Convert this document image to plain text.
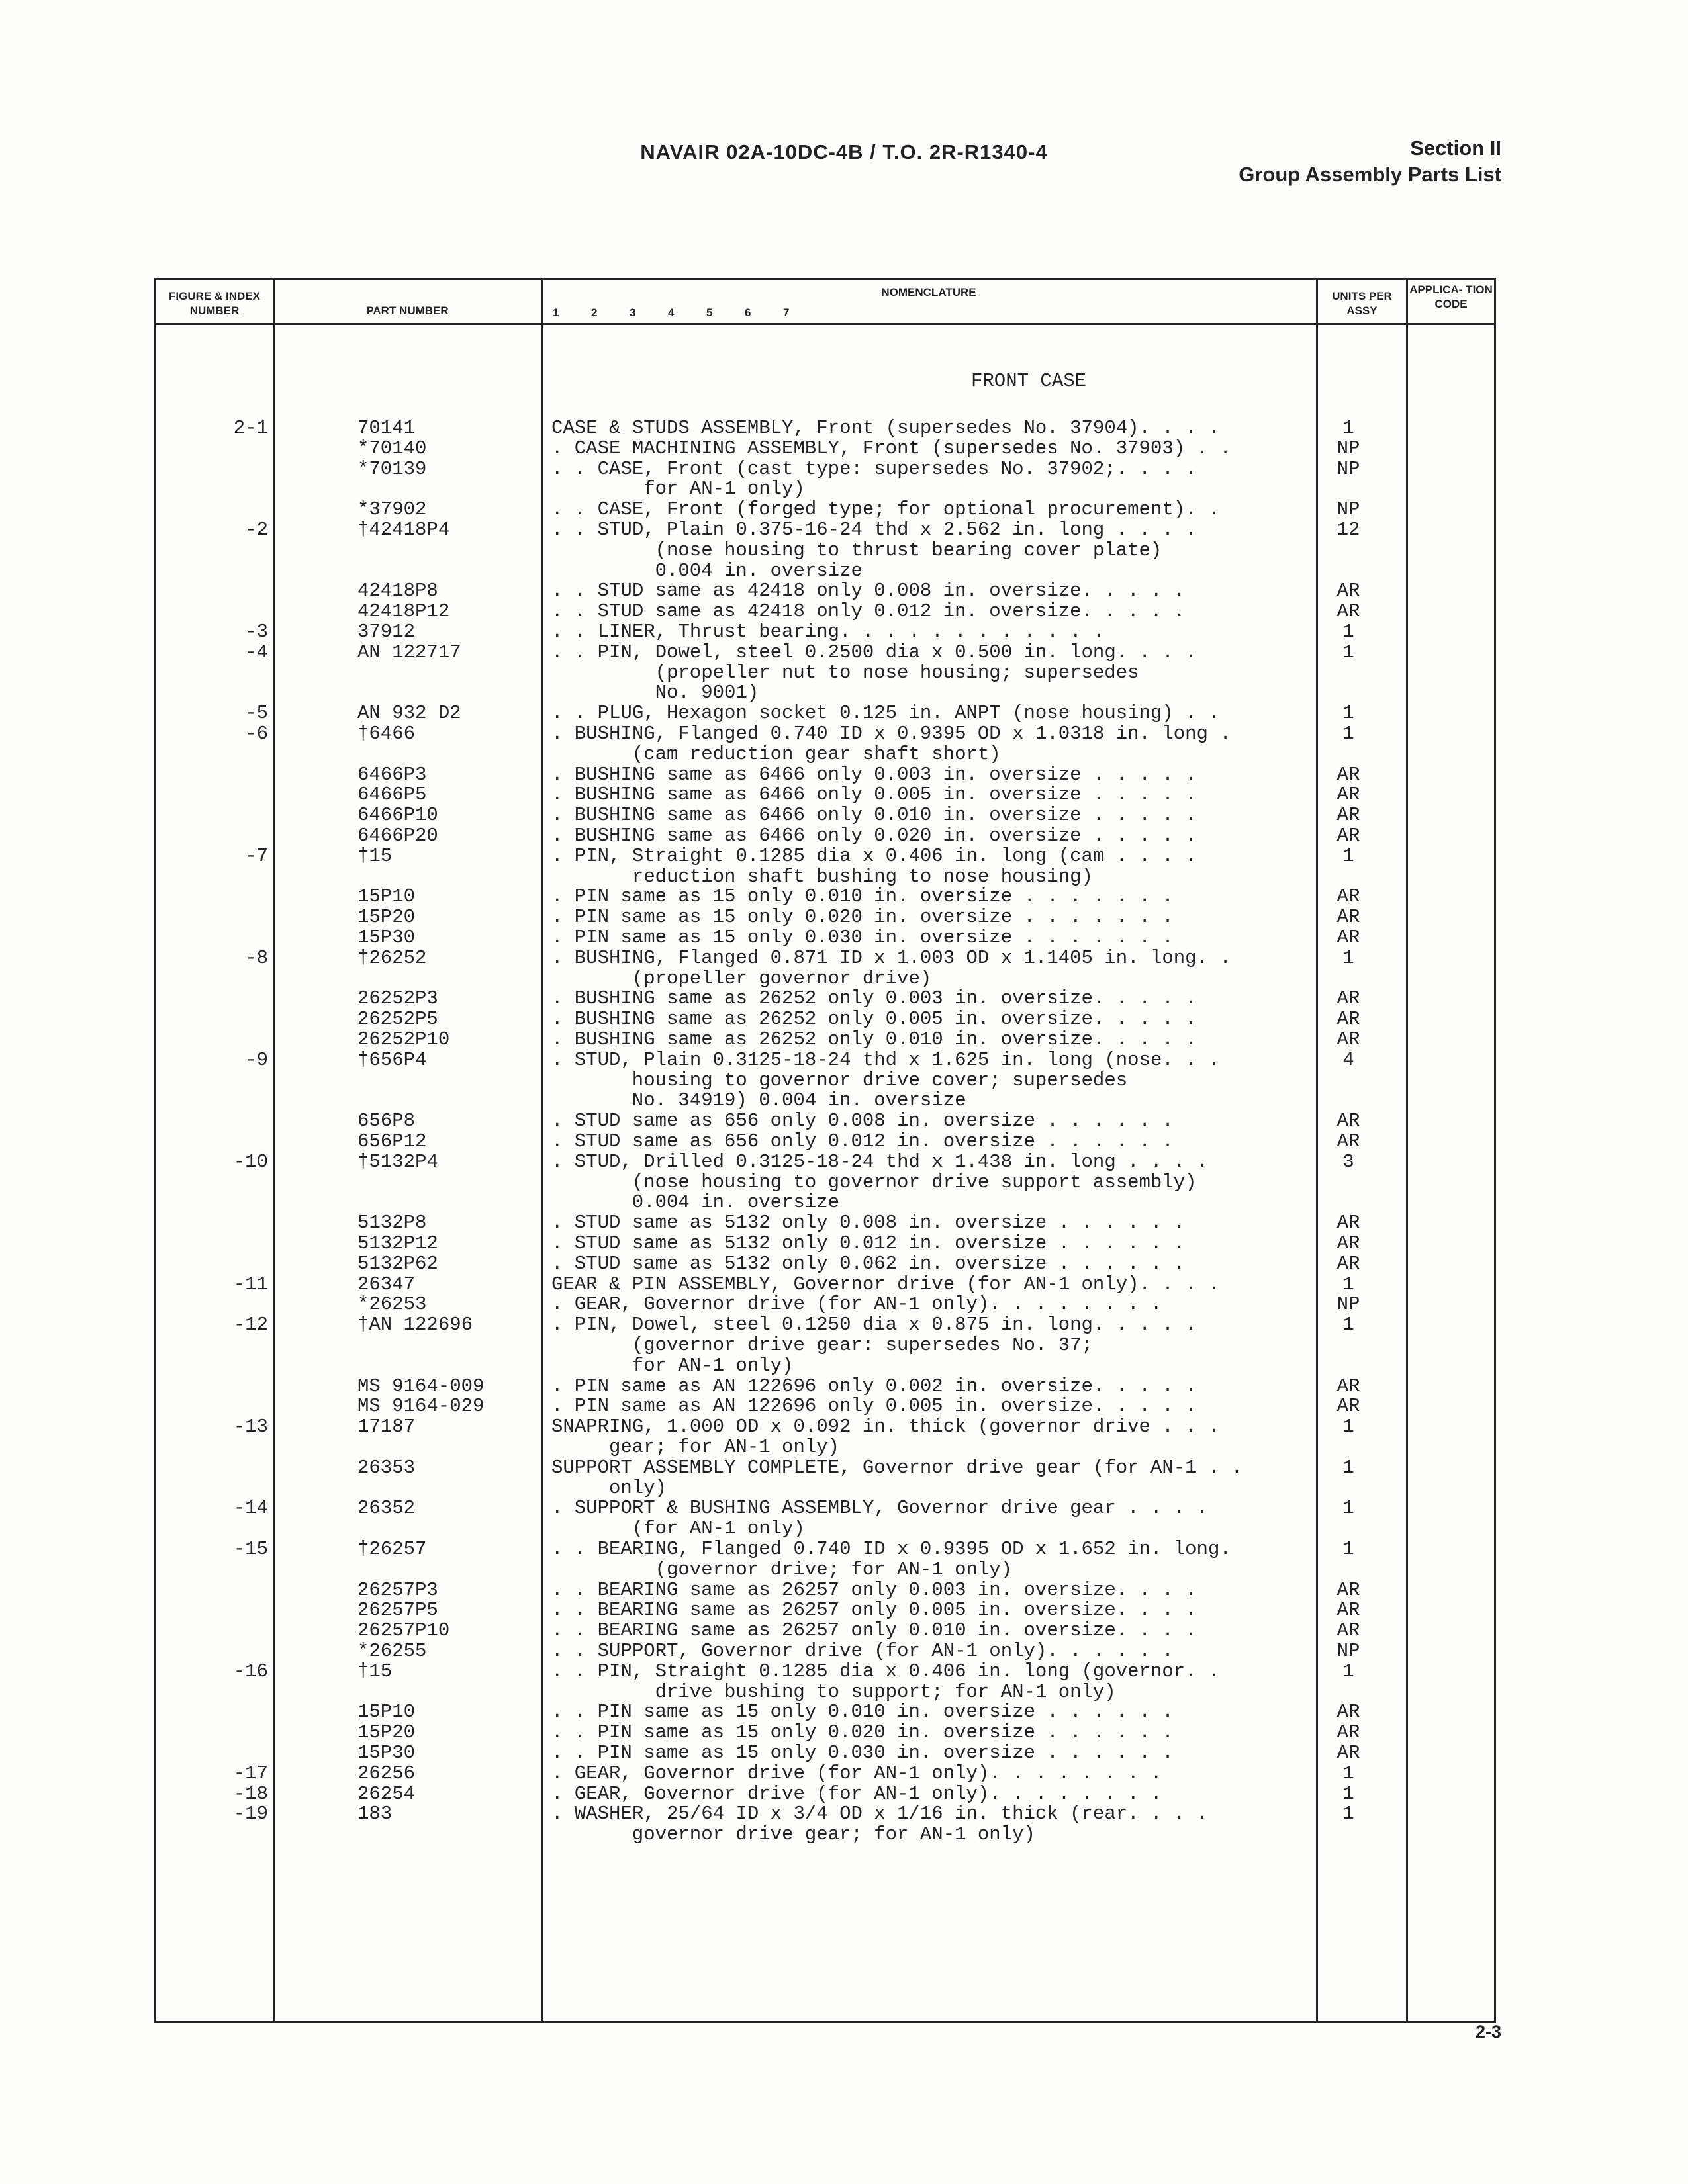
NAVAIR 02A-10DC-4B / T.O. 2R-R1340-4	Section II
Group Assembly Parts List
FIGURE & INDEX NUMBER	PART NUMBER
NOMENCLATURE
1	2	3	4	5	6	7
UNITS PER ASSY
APPLICA- TION CODE
FRONT CASE
2-1	70141	CASE & STUDS ASSEMBLY, Front (supersedes No. 37904). . . .	1
*70140	. CASE MACHINING ASSEMBLY, Front (supersedes No. 37903) . .	NP
*70139	. . CASE, Front (cast type: supersedes No. 37902;. . . .	NP
for AN-1 only)
*37902	. . CASE, Front (forged type; for optional procurement). .	NP
-2	†42418P4	. . STUD, Plain 0.375-16-24 thd x 2.562 in. long . . . .	12
(nose housing to thrust bearing cover plate)
0.004 in. oversize
42418P8	. . STUD same as 42418 only 0.008 in. oversize. . . . .	AR
42418P12	. . STUD same as 42418 only 0.012 in. oversize. . . . .	AR
-3	37912	. . LINER, Thrust bearing. . . . . . . . . . . .	1
-4	AN 122717	. . PIN, Dowel, steel 0.2500 dia x 0.500 in. long. . . .	1
(propeller nut to nose housing; supersedes
No. 9001)
-5	AN 932 D2	. . PLUG, Hexagon socket 0.125 in. ANPT (nose housing) . .	1
-6	†6466	. BUSHING, Flanged 0.740 ID x 0.9395 OD x 1.0318 in. long .	1
(cam reduction gear shaft short)
6466P3	. BUSHING same as 6466 only 0.003 in. oversize . . . . .	AR
6466P5	. BUSHING same as 6466 only 0.005 in. oversize . . . . .	AR
6466P10	. BUSHING same as 6466 only 0.010 in. oversize . . . . .	AR
6466P20	. BUSHING same as 6466 only 0.020 in. oversize . . . . .	AR
-7	†15	. PIN, Straight 0.1285 dia x 0.406 in. long (cam . . . .	1
reduction shaft bushing to nose housing)
15P10	. PIN same as 15 only 0.010 in. oversize . . . . . . .	AR
15P20	. PIN same as 15 only 0.020 in. oversize . . . . . . .	AR
15P30	. PIN same as 15 only 0.030 in. oversize . . . . . . .	AR
-8	†26252	. BUSHING, Flanged 0.871 ID x 1.003 OD x 1.1405 in. long. .	1
(propeller governor drive)
26252P3	. BUSHING same as 26252 only 0.003 in. oversize. . . . .	AR
26252P5	. BUSHING same as 26252 only 0.005 in. oversize. . . . .	AR
26252P10	. BUSHING same as 26252 only 0.010 in. oversize. . . . .	AR
-9	†656P4	. STUD, Plain 0.3125-18-24 thd x 1.625 in. long (nose. . .	4
housing to governor drive cover; supersedes
No. 34919) 0.004 in. oversize
656P8	. STUD same as 656 only 0.008 in. oversize . . . . . .	AR
656P12	. STUD same as 656 only 0.012 in. oversize . . . . . .	AR
-10	†5132P4	. STUD, Drilled 0.3125-18-24 thd x 1.438 in. long . . . .	3
(nose housing to governor drive support assembly)
0.004 in. oversize
5132P8	. STUD same as 5132 only 0.008 in. oversize . . . . . .	AR
5132P12	. STUD same as 5132 only 0.012 in. oversize . . . . . .	AR
5132P62	. STUD same as 5132 only 0.062 in. oversize . . . . . .	AR
-11	26347	GEAR & PIN ASSEMBLY, Governor drive (for AN-1 only). . . .	1
*26253	. GEAR, Governor drive (for AN-1 only). . . . . . . .	NP
-12	†AN 122696	. PIN, Dowel, steel 0.1250 dia x 0.875 in. long. . . . .	1
(governor drive gear: supersedes No. 37;
for AN-1 only)
MS 9164-009	. PIN same as AN 122696 only 0.002 in. oversize. . . . .	AR
MS 9164-029	. PIN same as AN 122696 only 0.005 in. oversize. . . . .	AR
-13	17187	SNAPRING, 1.000 OD x 0.092 in. thick (governor drive . . .	1
gear; for AN-1 only)
26353	SUPPORT ASSEMBLY COMPLETE, Governor drive gear (for AN-1 . .	1
only)
-14	26352	. SUPPORT & BUSHING ASSEMBLY, Governor drive gear . . . .	1
(for AN-1 only)
-15	†26257	. . BEARING, Flanged 0.740 ID x 0.9395 OD x 1.652 in. long.	1
(governor drive; for AN-1 only)
26257P3	. . BEARING same as 26257 only 0.003 in. oversize. . . .	AR
26257P5	. . BEARING same as 26257 only 0.005 in. oversize. . . .	AR
26257P10	. . BEARING same as 26257 only 0.010 in. oversize. . . .	AR
*26255	. . SUPPORT, Governor drive (for AN-1 only). . . . . .	NP
-16	†15	. . PIN, Straight 0.1285 dia x 0.406 in. long (governor. .	1
drive bushing to support; for AN-1 only)
15P10	. . PIN same as 15 only 0.010 in. oversize . . . . . .	AR
15P20	. . PIN same as 15 only 0.020 in. oversize . . . . . .	AR
15P30	. . PIN same as 15 only 0.030 in. oversize . . . . . .	AR
-17	26256	. GEAR, Governor drive (for AN-1 only). . . . . . . .	1
-18	26254	. GEAR, Governor drive (for AN-1 only). . . . . . . .	1
-19	183	. WASHER, 25/64 ID x 3/4 OD x 1/16 in. thick (rear. . . .	1
governor drive gear; for AN-1 only)
2-3
